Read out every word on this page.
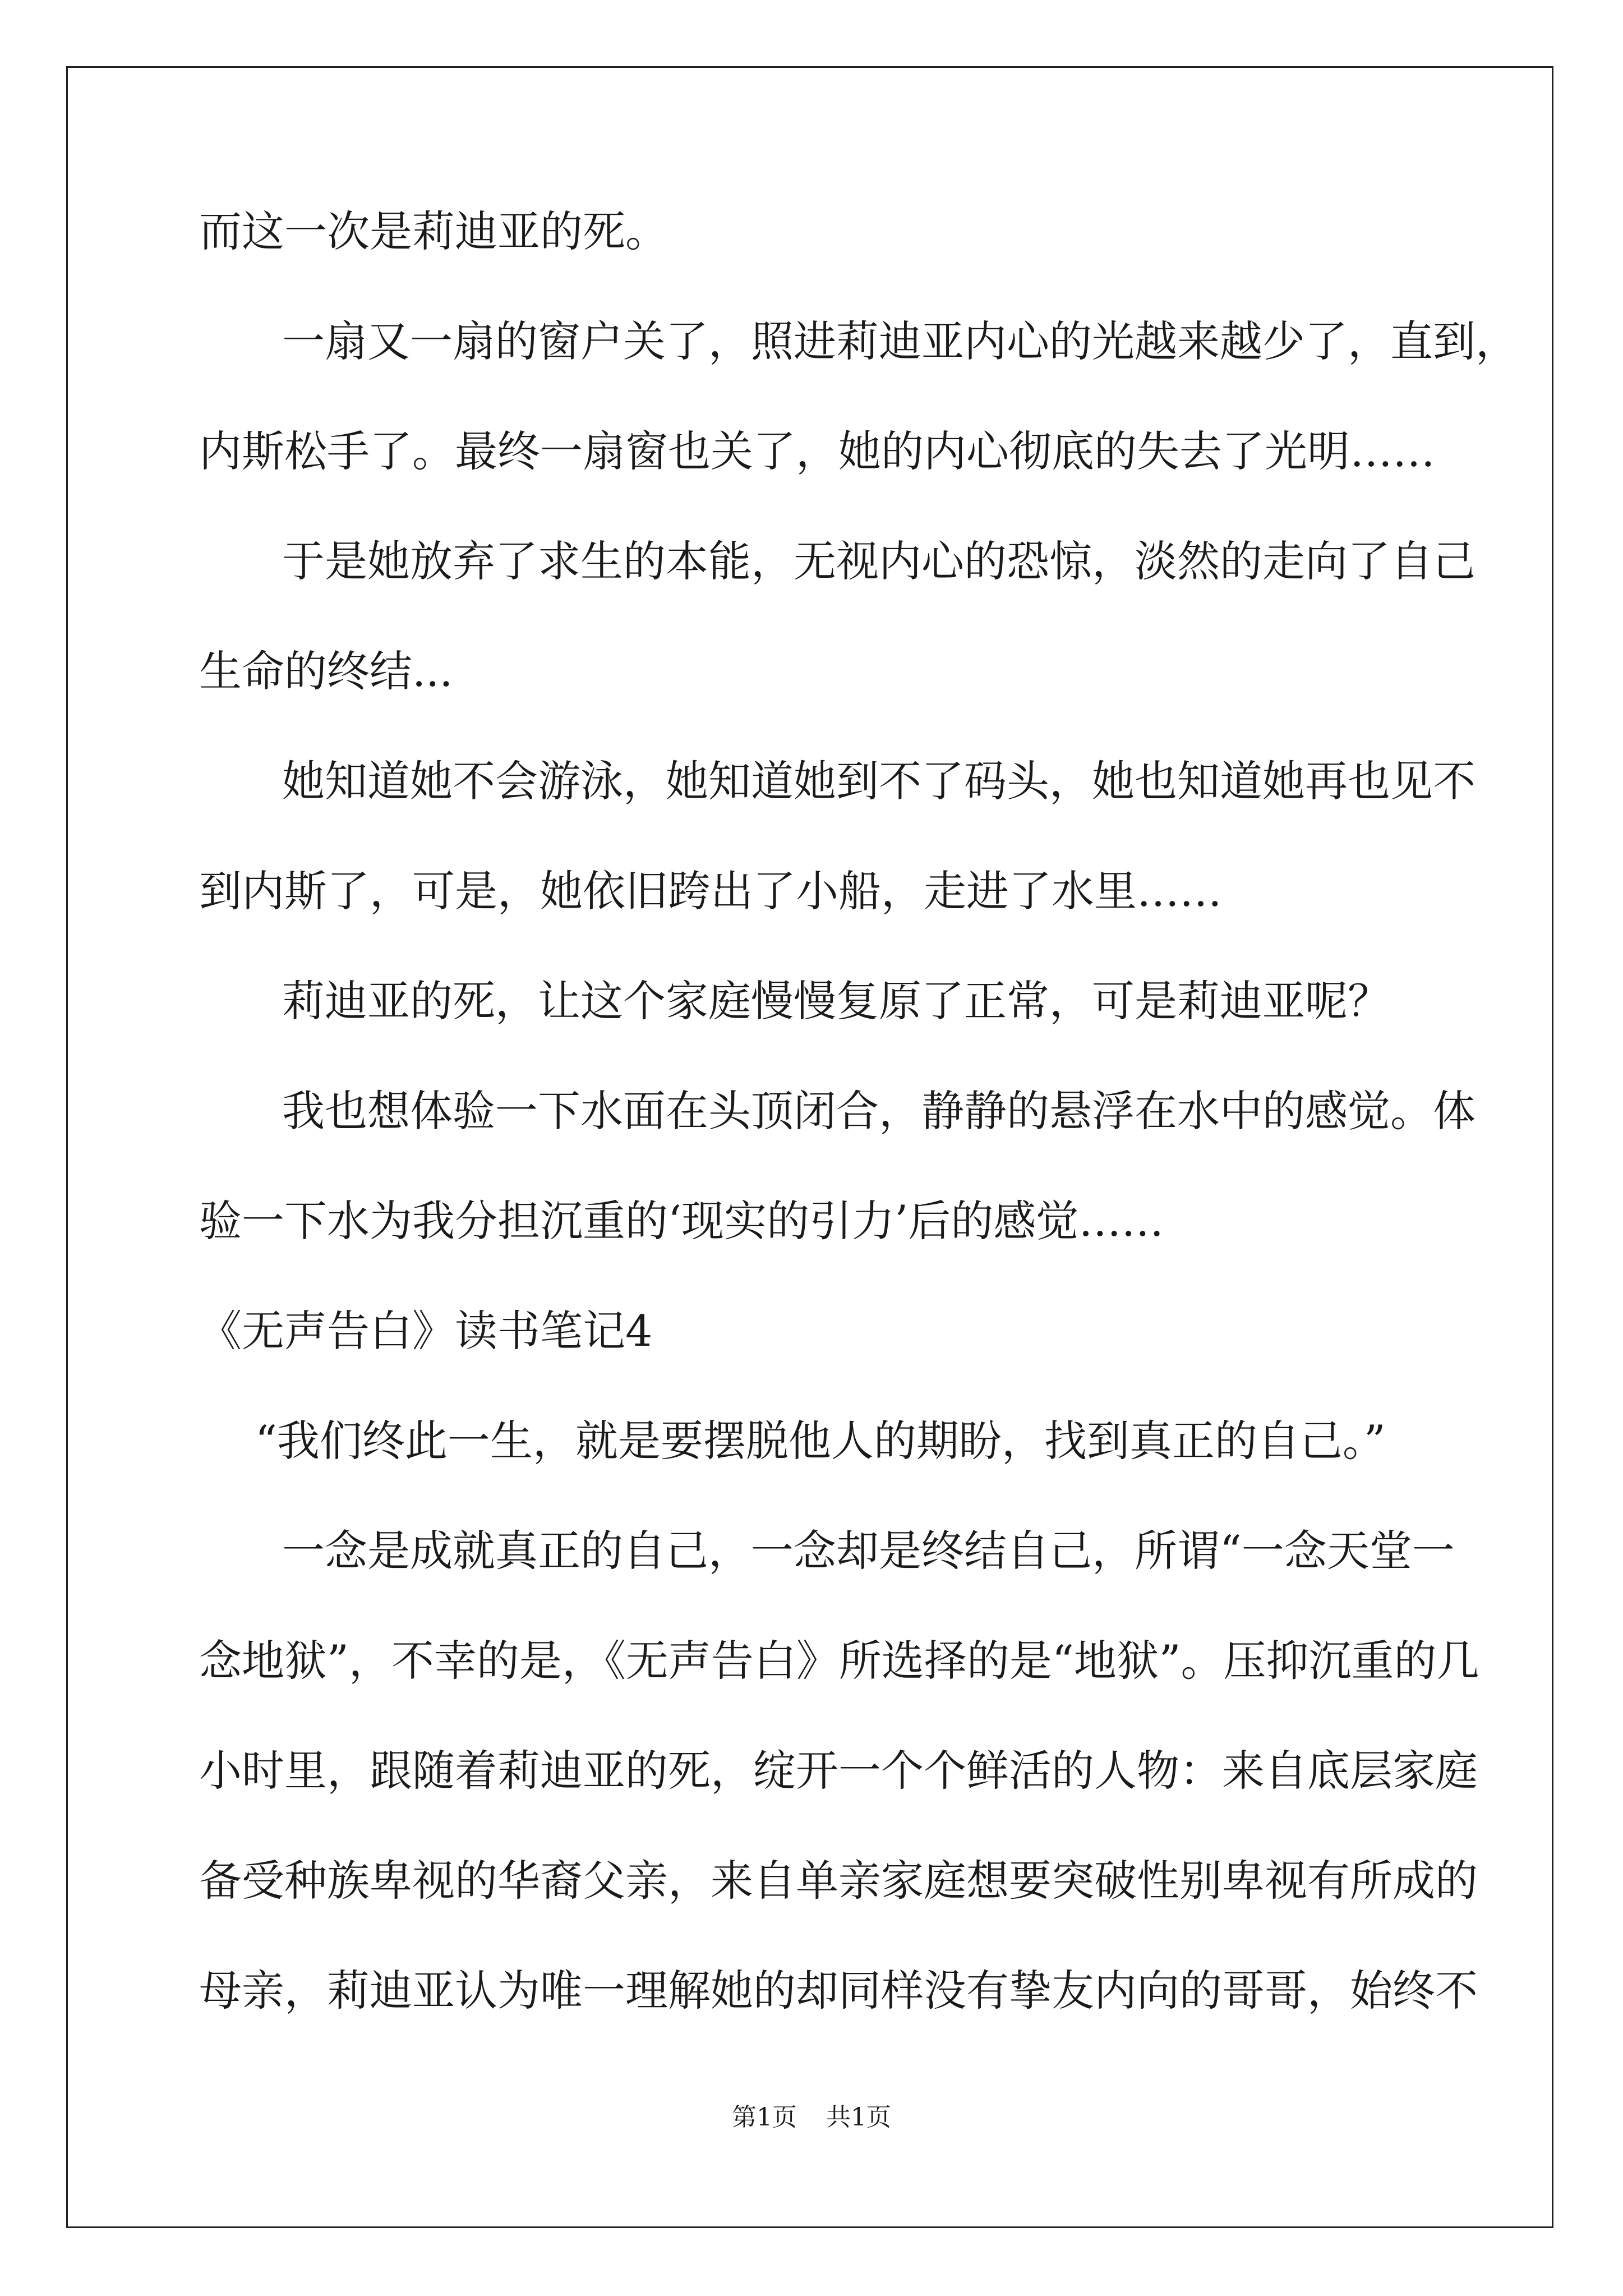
而这一次是莉迪亚的死。
一扇又一扇的窗户关了，照进莉迪亚内心的光越来越少了，直到，
内斯松手了。最终一扇窗也关了，她的内心彻底的失去了光明……
于是她放弃了求生的本能，无视内心的恐惊，淡然的走向了自己
生命的终结...
她知道她不会游泳，她知道她到不了码头，她也知道她再也见不
到内斯了，可是，她依旧跨出了小船，走进了水里……
莉迪亚的死，让这个家庭慢慢复原了正常，可是莉迪亚呢？
我也想体验一下水面在头顶闭合，静静的悬浮在水中的感觉。体
验一下水为我分担沉重的‘现实的引力’后的感觉……
《无声告白》读书笔记4
“我们终此一生，就是要摆脱他人的期盼，找到真正的自己。”
一念是成就真正的自己，一念却是终结自己，所谓“一念天堂一
念地狱”，不幸的是，《无声告白》所选择的是“地狱”。压抑沉重的几
小时里，跟随着莉迪亚的死，绽开一个个鲜活的人物：来自底层家庭
备受种族卑视的华裔父亲，来自单亲家庭想要突破性别卑视有所成的
母亲，莉迪亚认为唯一理解她的却同样没有挚友内向的哥哥，始终不
第1页 共1页
